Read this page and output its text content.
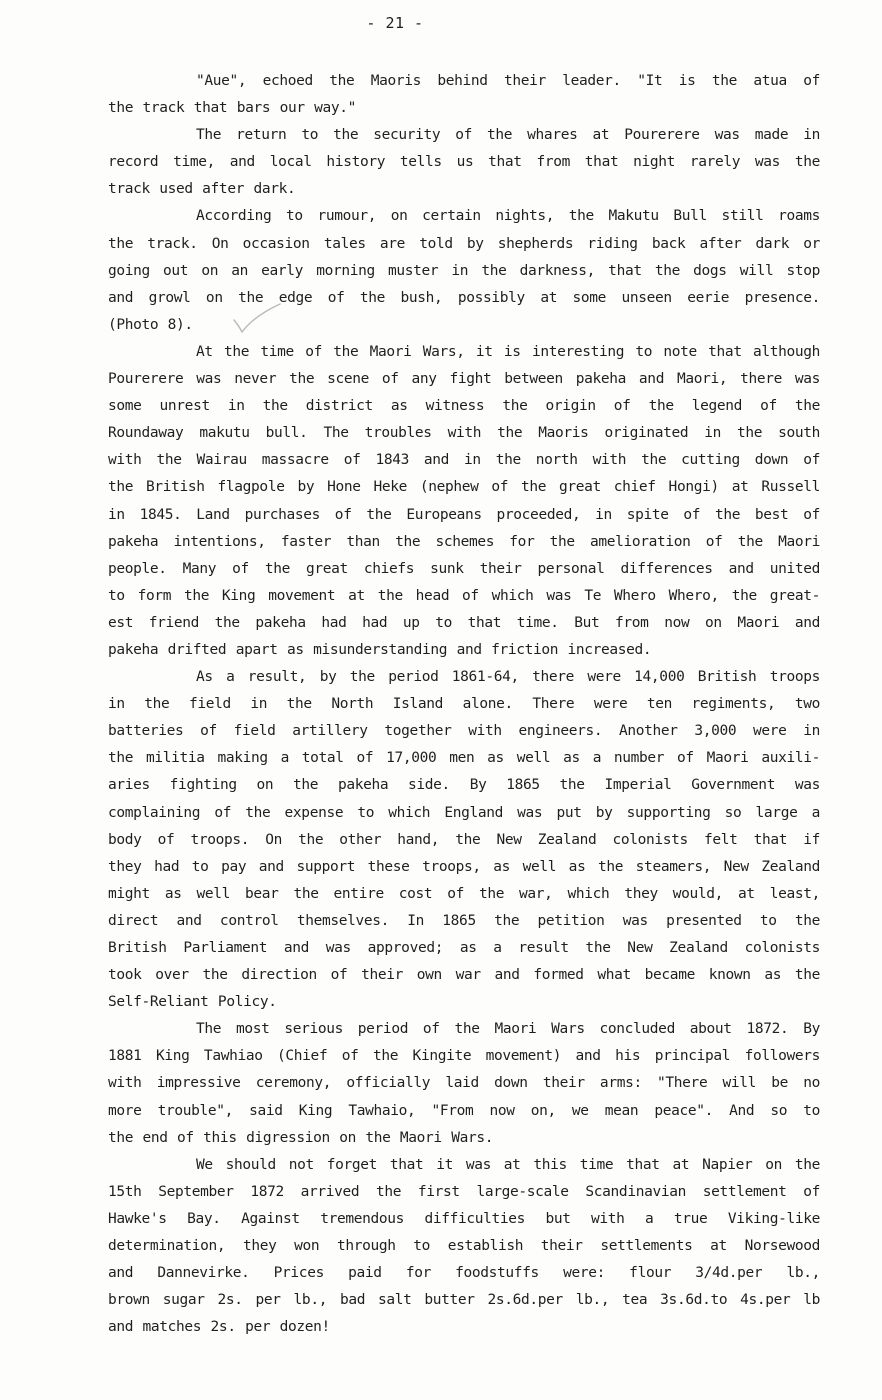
- 21 -

"Aue", echoed the Maoris behind their leader. "It is the atua of
the track that bars our way."

The return to the security of the whares at Pourerere was made in
record time, and local history tells us that from that night rarely was the
track used after dark.

According to rumour, on certain nights, the Makutu Bull still roams
the track. On occasion tales are told by shepherds riding back after dark or
going out on an early morning muster in the darkness, that the dogs will stop
and growl on the edge of the bush, possibly at some unseen eerie presence.
(Photo 8).

At the time of the Maori Wars, it is interesting to note that although
Pourerere was never the scene of any fight between pakeha and Maori, there was
some unrest in the district as witness the origin of the legend of the
Roundaway makutu bull. The troubles with the Maoris originated in the south
with the Wairau massacre of 1843 and in the north with the cutting down of
the British flagpole by Hone Heke (nephew of the great chief Hongi) at Russell
in 1845. Land purchases of the Europeans proceeded, in spite of the best of
pakeha intentions, faster than the schemes for the amelioration of the Maori
people. Many of the great chiefs sunk their personal differences and united
to form the King movement at the head of which was Te Whero Whero, the great-
est friend the pakeha had had up to that time. But from now on Maori and
pakeha drifted apart as misunderstanding and friction increased.

As a result, by the period 1861-64, there were 14,000 British troops
in the field in the North Island alone. There were ten regiments, two
batteries of field artillery together with engineers. Another 3,000 were in
the militia making a total of 17,000 men as well as a number of Maori auxili-
aries fighting on the pakeha side. By 1865 the Imperial Government was
complaining of the expense to which England was put by supporting so large a
body of troops. On the other hand, the New Zealand colonists felt that if
they had to pay and support these troops, as well as the steamers, New Zealand
might as well bear the entire cost of the war, which they would, at least,
direct and control themselves. In 1865 the petition was presented to the
British Parliament and was approved; as a result the New Zealand colonists
took over the direction of their own war and formed what became known as the
Self-Reliant Policy.

The most serious period of the Maori Wars concluded about 1872. By
1881 King Tawhiao (Chief of the Kingite movement) and his principal followers
with impressive ceremony, officially laid down their arms: "There will be no
more trouble", said King Tawhaio, "From now on, we mean peace". And so to
the end of this digression on the Maori Wars.

We should not forget that it was at this time that at Napier on the
15th September 1872 arrived the first large-scale Scandinavian settlement of
Hawke's Bay. Against tremendous difficulties but with a true Viking-like
determination, they won through to establish their settlements at Norsewood
and Dannevirke. Prices paid for foodstuffs were: flour 3/4d.per lb.,
brown sugar 2s. per lb., bad salt butter 2s.6d.per lb., tea 3s.6d.to 4s.per lb
and matches 2s. per dozen!
